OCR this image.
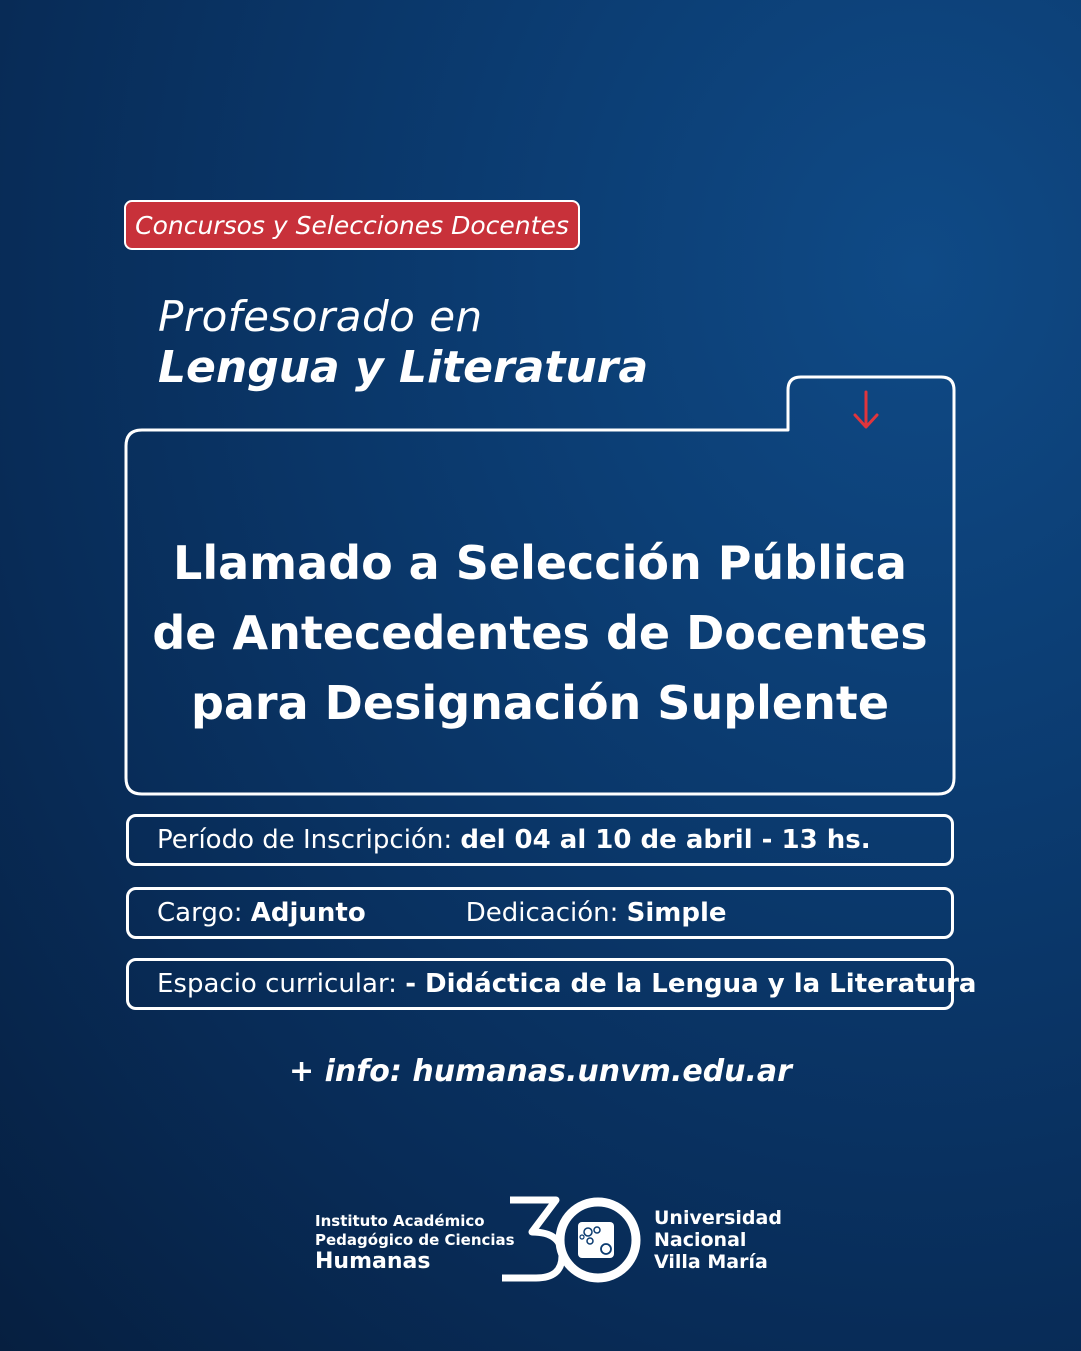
Concursos y Selecciones Docentes
Profesorado en
Lengua y Literatura
Llamado a Selección Pública
de Antecedentes de Docentes
para Designación Suplente
Período de Inscripción:
del 04 al 10 de abril - 13 hs.
Cargo:
Adjunto	Dedicación:
Simple
Espacio curricular:
- Didáctica de la Lengua y la Literatura
+ info: humanas.unvm.edu.ar
Instituto Académico
Pedagógico de Ciencias
Humanas
Universidad
Nacional
Villa María
